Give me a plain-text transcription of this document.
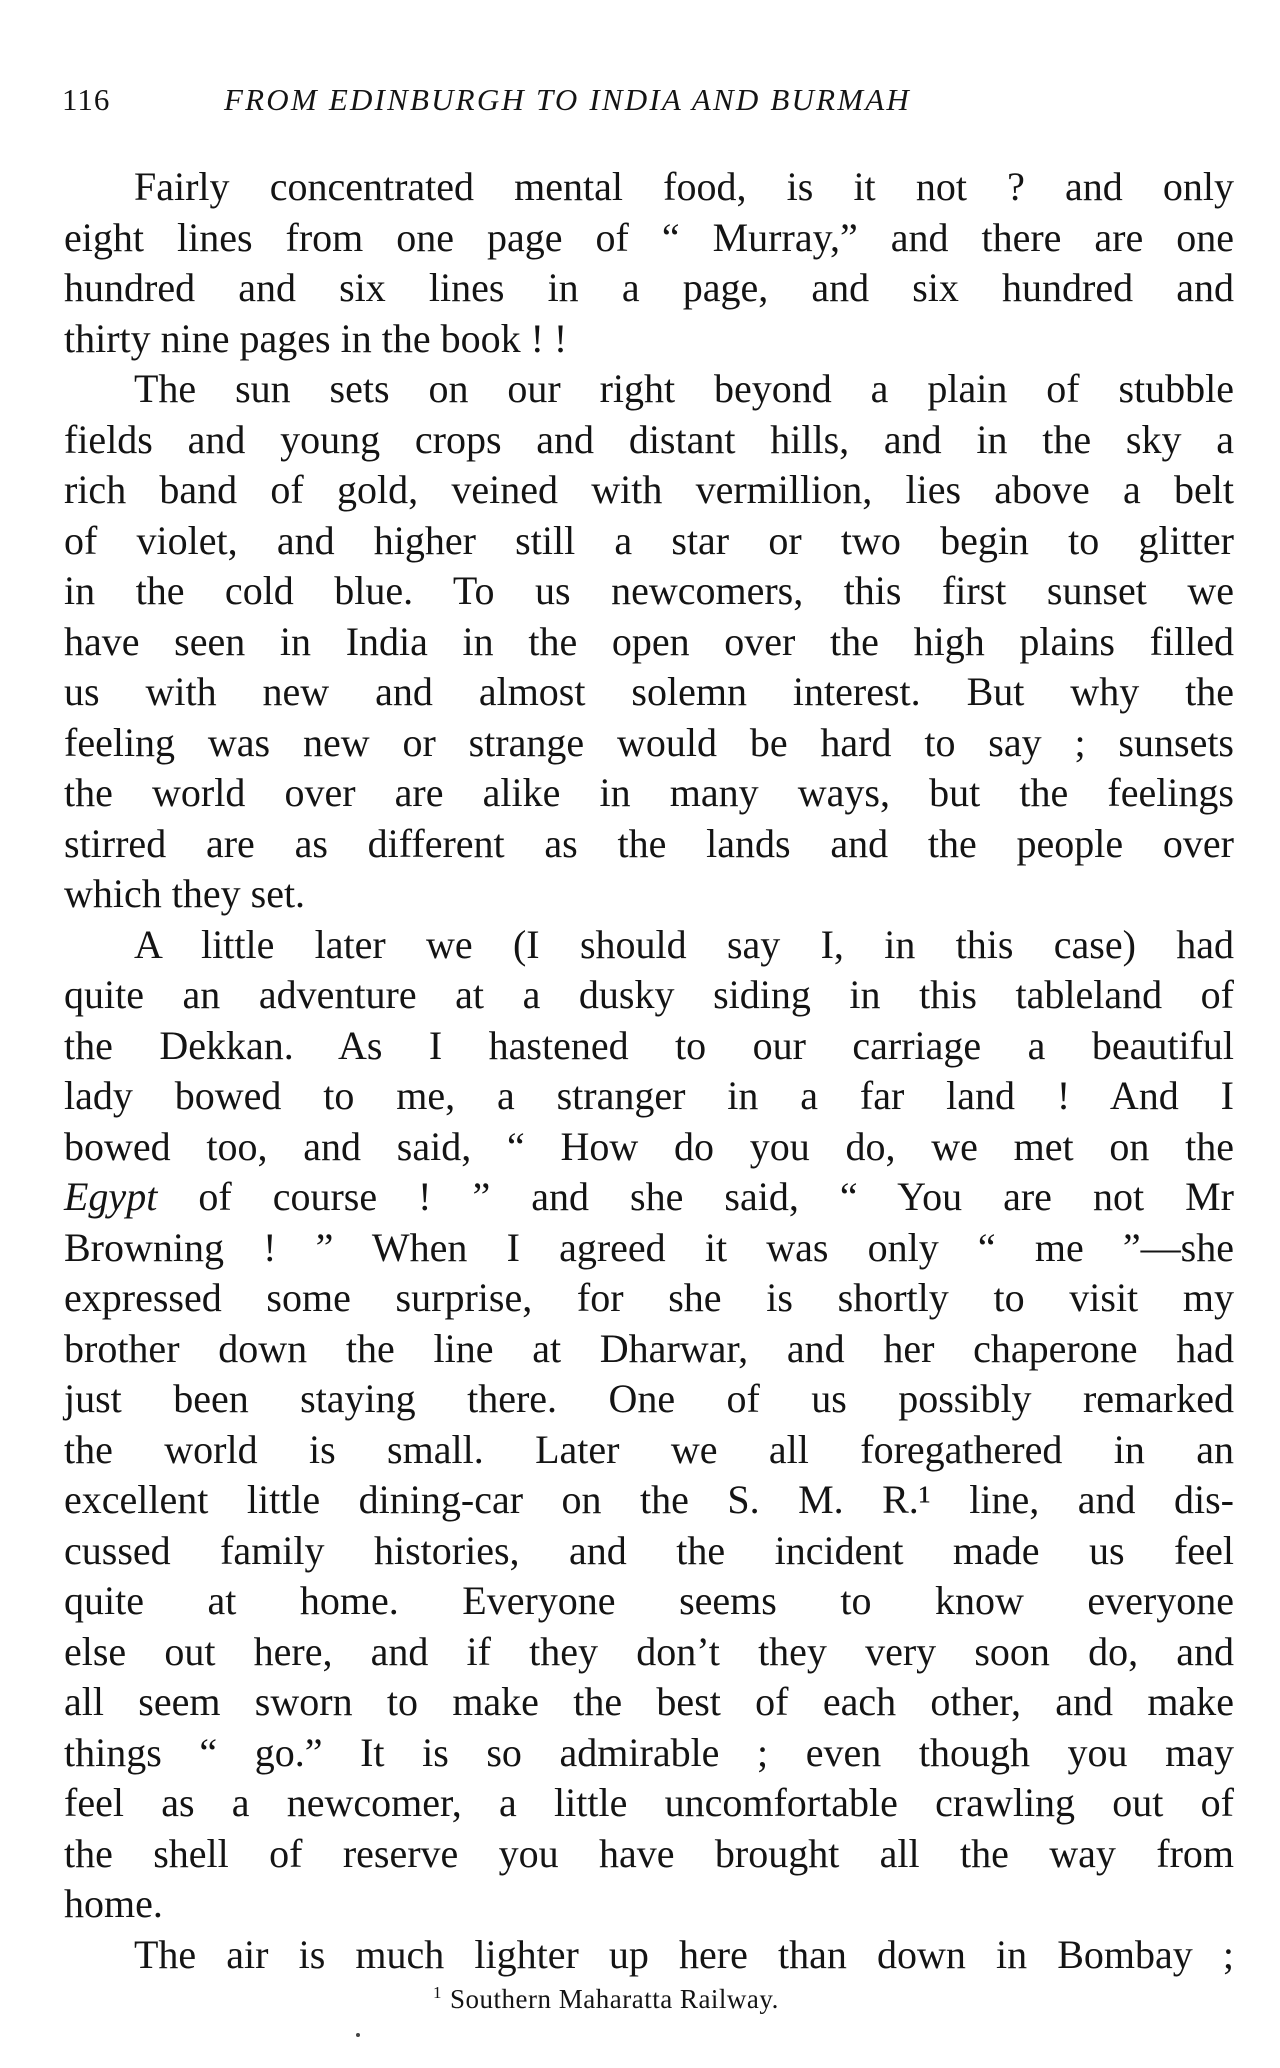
116	FROM EDINBURGH TO INDIA AND BURMAH
Fairly concentrated mental food, is it not ? and only
eight lines from one page of “ Murray,” and there are one
hundred and six lines in a page, and six hundred and
thirty nine pages in the book ! !
The sun sets on our right beyond a plain of stubble
fields and young crops and distant hills, and in the sky a
rich band of gold, veined with vermillion, lies above a belt
of violet, and higher still a star or two begin to glitter
in the cold blue. To us newcomers, this first sunset we
have seen in India in the open over the high plains filled
us with new and almost solemn interest. But why the
feeling was new or strange would be hard to say ; sunsets
the world over are alike in many ways, but the feelings
stirred are as different as the lands and the people over
which they set.
A little later we (I should say I, in this case) had
quite an adventure at a dusky siding in this tableland of
the Dekkan. As I hastened to our carriage a beautiful
lady bowed to me, a stranger in a far land ! And I
bowed too, and said, “ How do you do, we met on the
Egypt of course ! ” and she said, “ You are not Mr
Browning ! ” When I agreed it was only “ me ”—she
expressed some surprise, for she is shortly to visit my
brother down the line at Dharwar, and her chaperone had
just been staying there. One of us possibly remarked
the world is small. Later we all foregathered in an
excellent little dining-car on the S. M. R.¹ line, and dis-
cussed family histories, and the incident made us feel
quite at home. Everyone seems to know everyone
else out here, and if they don’t they very soon do, and
all seem sworn to make the best of each other, and make
things “ go.” It is so admirable ; even though you may
feel as a newcomer, a little uncomfortable crawling out of
the shell of reserve you have brought all the way from
home.
The air is much lighter up here than down in Bombay ;
$^1$ Southern Maharatta Railway.
